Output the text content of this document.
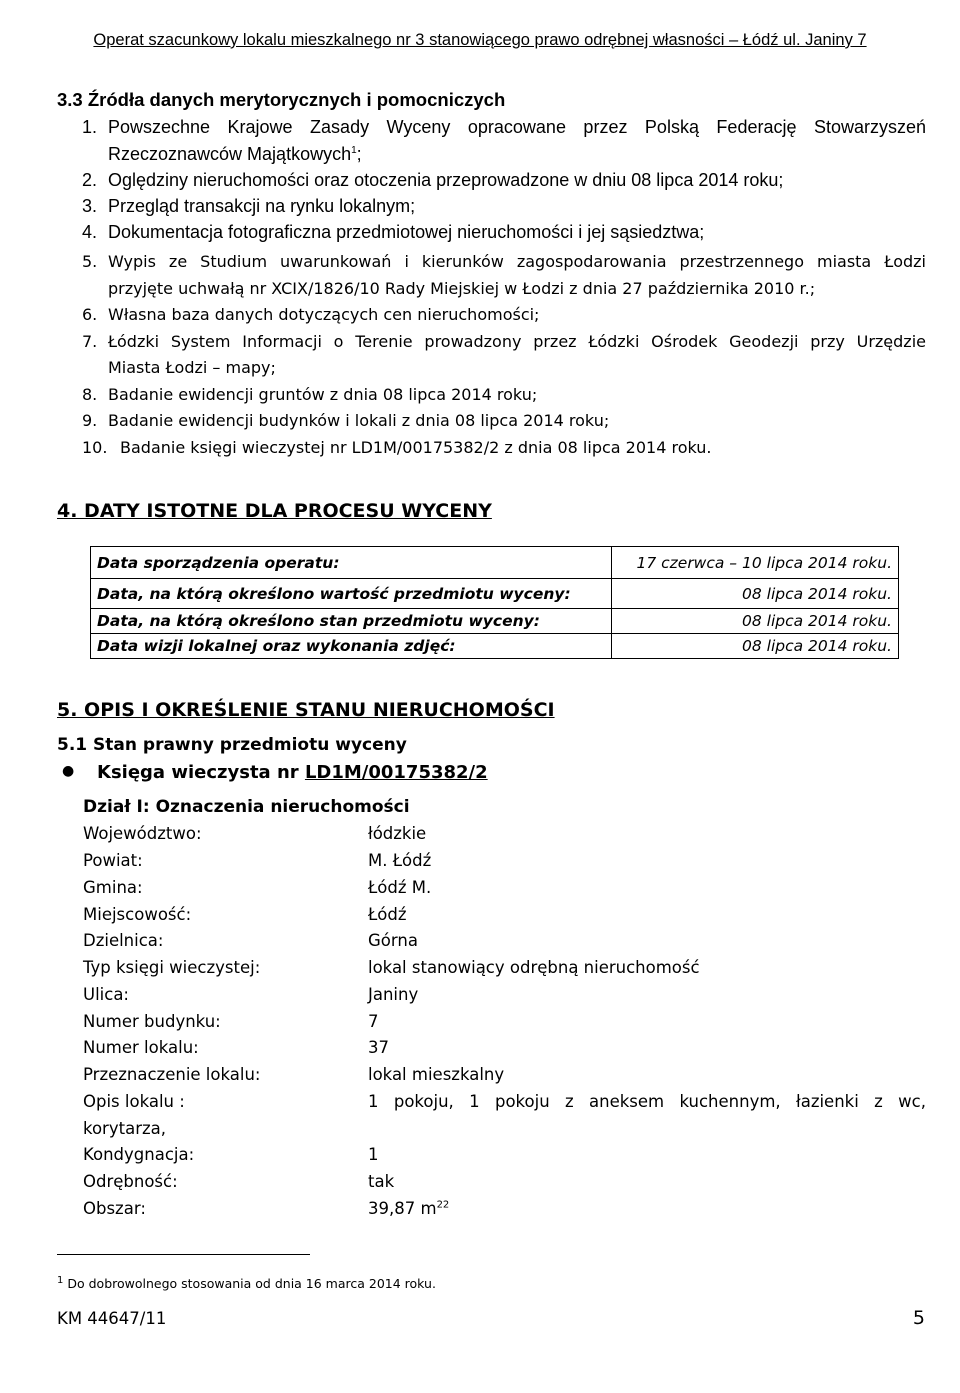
Operat szacunkowy lokalu mieszkalnego nr 3 stanowiącego prawo odrębnej własności – Łódź ul. Janiny 7
3.3 Źródła danych merytorycznych i pomocniczych
1. Powszechne Krajowe Zasady Wyceny opracowane przez Polską Federację Stowarzyszeń
Rzeczoznawców Majątkowych$^1$;
2. Oględziny nieruchomości oraz otoczenia przeprowadzone w dniu 08 lipca 2014 roku;
3. Przegląd transakcji na rynku lokalnym;
4. Dokumentacja fotograficzna przedmiotowej nieruchomości i jej sąsiedztwa;
5. Wypis ze Studium uwarunkowań i kierunków zagospodarowania przestrzennego miasta Łodzi
przyjęte uchwałą nr XCIX/1826/10 Rady Miejskiej w Łodzi z dnia 27 października 2010 r.;
6. Własna baza danych dotyczących cen nieruchomości;
7. Łódzki System Informacji o Terenie prowadzony przez Łódzki Ośrodek Geodezji przy Urzędzie
Miasta Łodzi – mapy;
8. Badanie ewidencji gruntów z dnia 08 lipca 2014 roku;
9. Badanie ewidencji budynków i lokali z dnia 08 lipca 2014 roku;
10. Badanie księgi wieczystej nr LD1M/00175382/2 z dnia 08 lipca 2014 roku.
4. DATY ISTOTNE DLA PROCESU WYCENY
Data sporządzenia operatu:	17 czerwca – 10 lipca 2014 roku.
Data, na którą określono wartość przedmiotu wyceny:	08 lipca 2014 roku.
Data, na którą określono stan przedmiotu wyceny:	08 lipca 2014 roku.
Data wizji lokalnej oraz wykonania zdjęć:	08 lipca 2014 roku.
5. OPIS I OKREŚLENIE STANU NIERUCHOMOŚCI
5.1 Stan prawny przedmiotu wyceny
● Księga wieczysta nr LD1M/00175382/2
Dział I: Oznaczenia nieruchomości
Województwo:	łódzkie
Powiat:	M. Łódź
Gmina:	Łódź M.
Miejscowość:	Łódź
Dzielnica:	Górna
Typ księgi wieczystej:	lokal stanowiący odrębną nieruchomość
Ulica:	Janiny
Numer budynku:	7
Numer lokalu:	37
Przeznaczenie lokalu:	lokal mieszkalny
Opis lokalu :	1 pokoju, 1 pokoju z aneksem kuchennym, łazienki z wc,
korytarza,
Kondygnacja:	1
Odrębność:	tak
Obszar:	39,87 $m^{22}$
$^1$ Do dobrowolnego stosowania od dnia 16 marca 2014 roku.
KM 44647/11	5
